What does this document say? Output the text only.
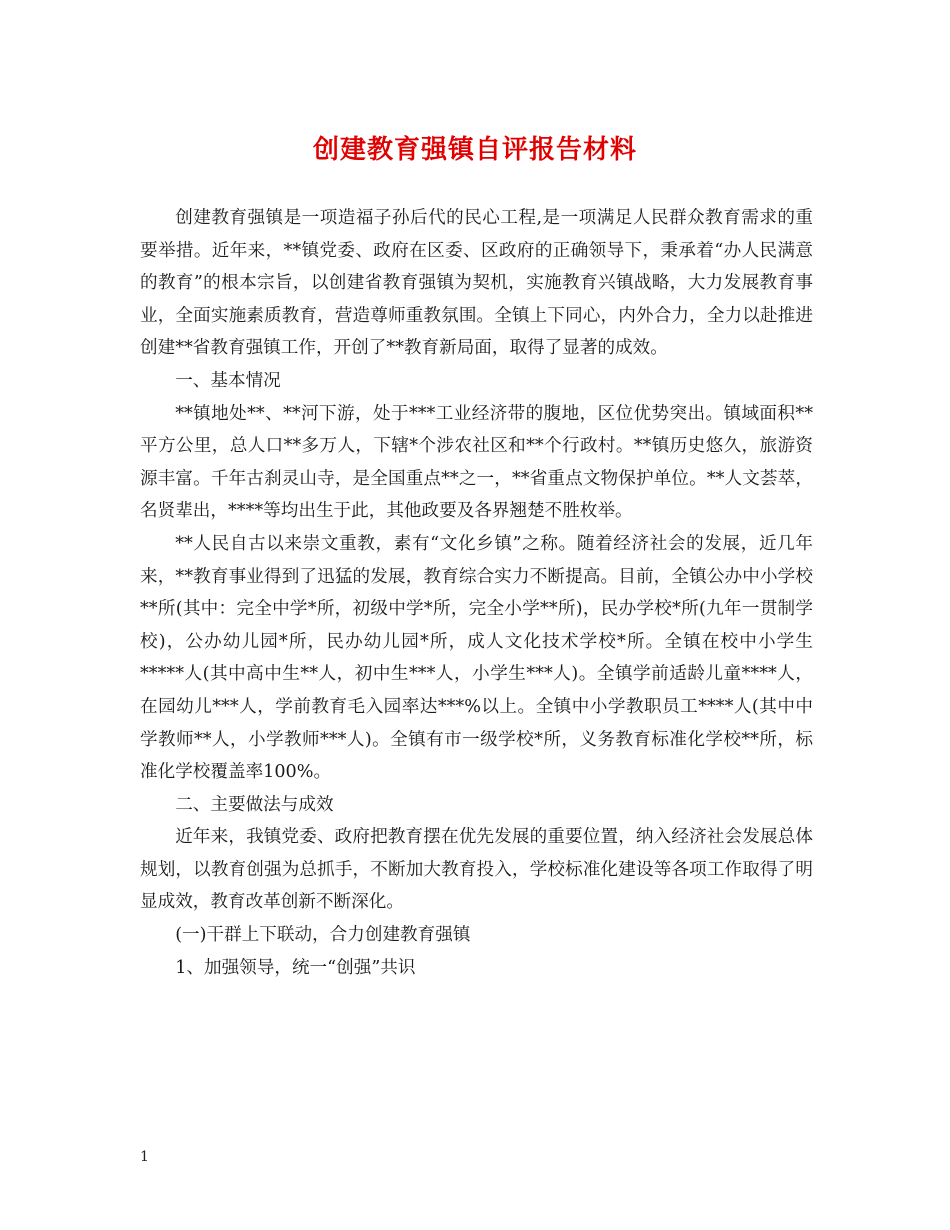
创建教育强镇自评报告材料

创建教育强镇是一项造福子孙后代的民心工程,是一项满足人民群众教育需求的重要举措。近年来，**镇党委、政府在区委、区政府的正确领导下，秉承着“办人民满意的教育”的根本宗旨，以创建省教育强镇为契机，实施教育兴镇战略，大力发展教育事业，全面实施素质教育，营造尊师重教氛围。全镇上下同心，内外合力，全力以赴推进创建**省教育强镇工作，开创了**教育新局面，取得了显著的成效。

一、基本情况

**镇地处**、**河下游，处于***工业经济带的腹地，区位优势突出。镇域面积**平方公里，总人口**多万人，下辖*个涉农社区和**个行政村。**镇历史悠久，旅游资源丰富。千年古刹灵山寺，是全国重点**之一，**省重点文物保护单位。**人文荟萃，名贤辈出，****等均出生于此，其他政要及各界翘楚不胜枚举。

**人民自古以来崇文重教，素有“文化乡镇”之称。随着经济社会的发展，近几年来，**教育事业得到了迅猛的发展，教育综合实力不断提高。目前，全镇公办中小学校**所(其中：完全中学*所，初级中学*所，完全小学**所)，民办学校*所(九年一贯制学校)，公办幼儿园*所，民办幼儿园*所，成人文化技术学校*所。全镇在校中小学生*****人(其中高中生**人，初中生***人，小学生***人)。全镇学前适龄儿童****人，在园幼儿***人，学前教育毛入园率达***%以上。全镇中小学教职员工****人(其中中学教师**人，小学教师***人)。全镇有市一级学校*所，义务教育标准化学校**所，标准化学校覆盖率100%。

二、主要做法与成效

近年来，我镇党委、政府把教育摆在优先发展的重要位置，纳入经济社会发展总体规划，以教育创强为总抓手，不断加大教育投入，学校标准化建设等各项工作取得了明显成效，教育改革创新不断深化。

(一)干群上下联动，合力创建教育强镇

1、加强领导，统一“创强”共识

1
